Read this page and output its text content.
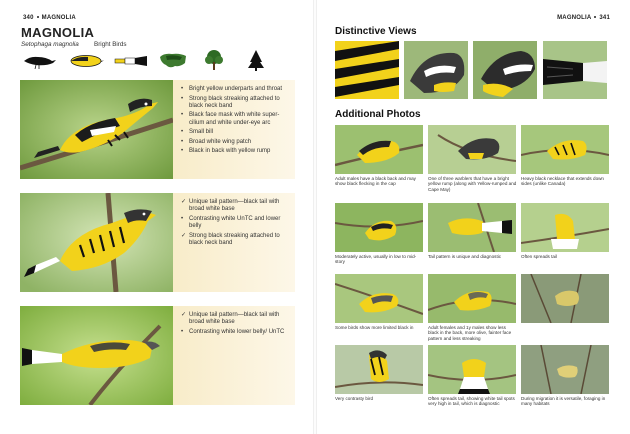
340 MAGNOLIA
MAGNOLIA
Setophaga magnolia Bright Birds
• Bright yellow underparts and throat
• Strong black streaking attached to black neck band
• Black face mask with white super-cilium and white under-eye arc
• Small bill
• Broad white wing patch
• Black in back with yellow rump
✓ Unique tail pattern—black tail with broad white base
• Contrasting white UnTC and lower belly
✓ Strong black streaking attached to black neck band
✓ Unique tail pattern—black tail with broad white base
• Contrasting white lower belly/ UnTC
MAGNOLIA 341
Distinctive Views
Additional Photos
Adult males have a black back and may show black flecking in the cap
One of three warblers that have a bright yellow rump (along with Yellow-rumped and Cape May)
Heavy black necklace that extends down sides (unlike Canada)
Moderately active, usually in low to mid-story
Tail pattern is unique and diagnostic	Often spreads tail
Some birds show more limited black in	Adult females and 1y males show less black in the back, more olive, fainter face pattern and less streaking
Very contrasty bird	Often spreads tail, showing white tail spots very high in tail, which is diagnostic
During migration it is versatile, foraging in many habitats
